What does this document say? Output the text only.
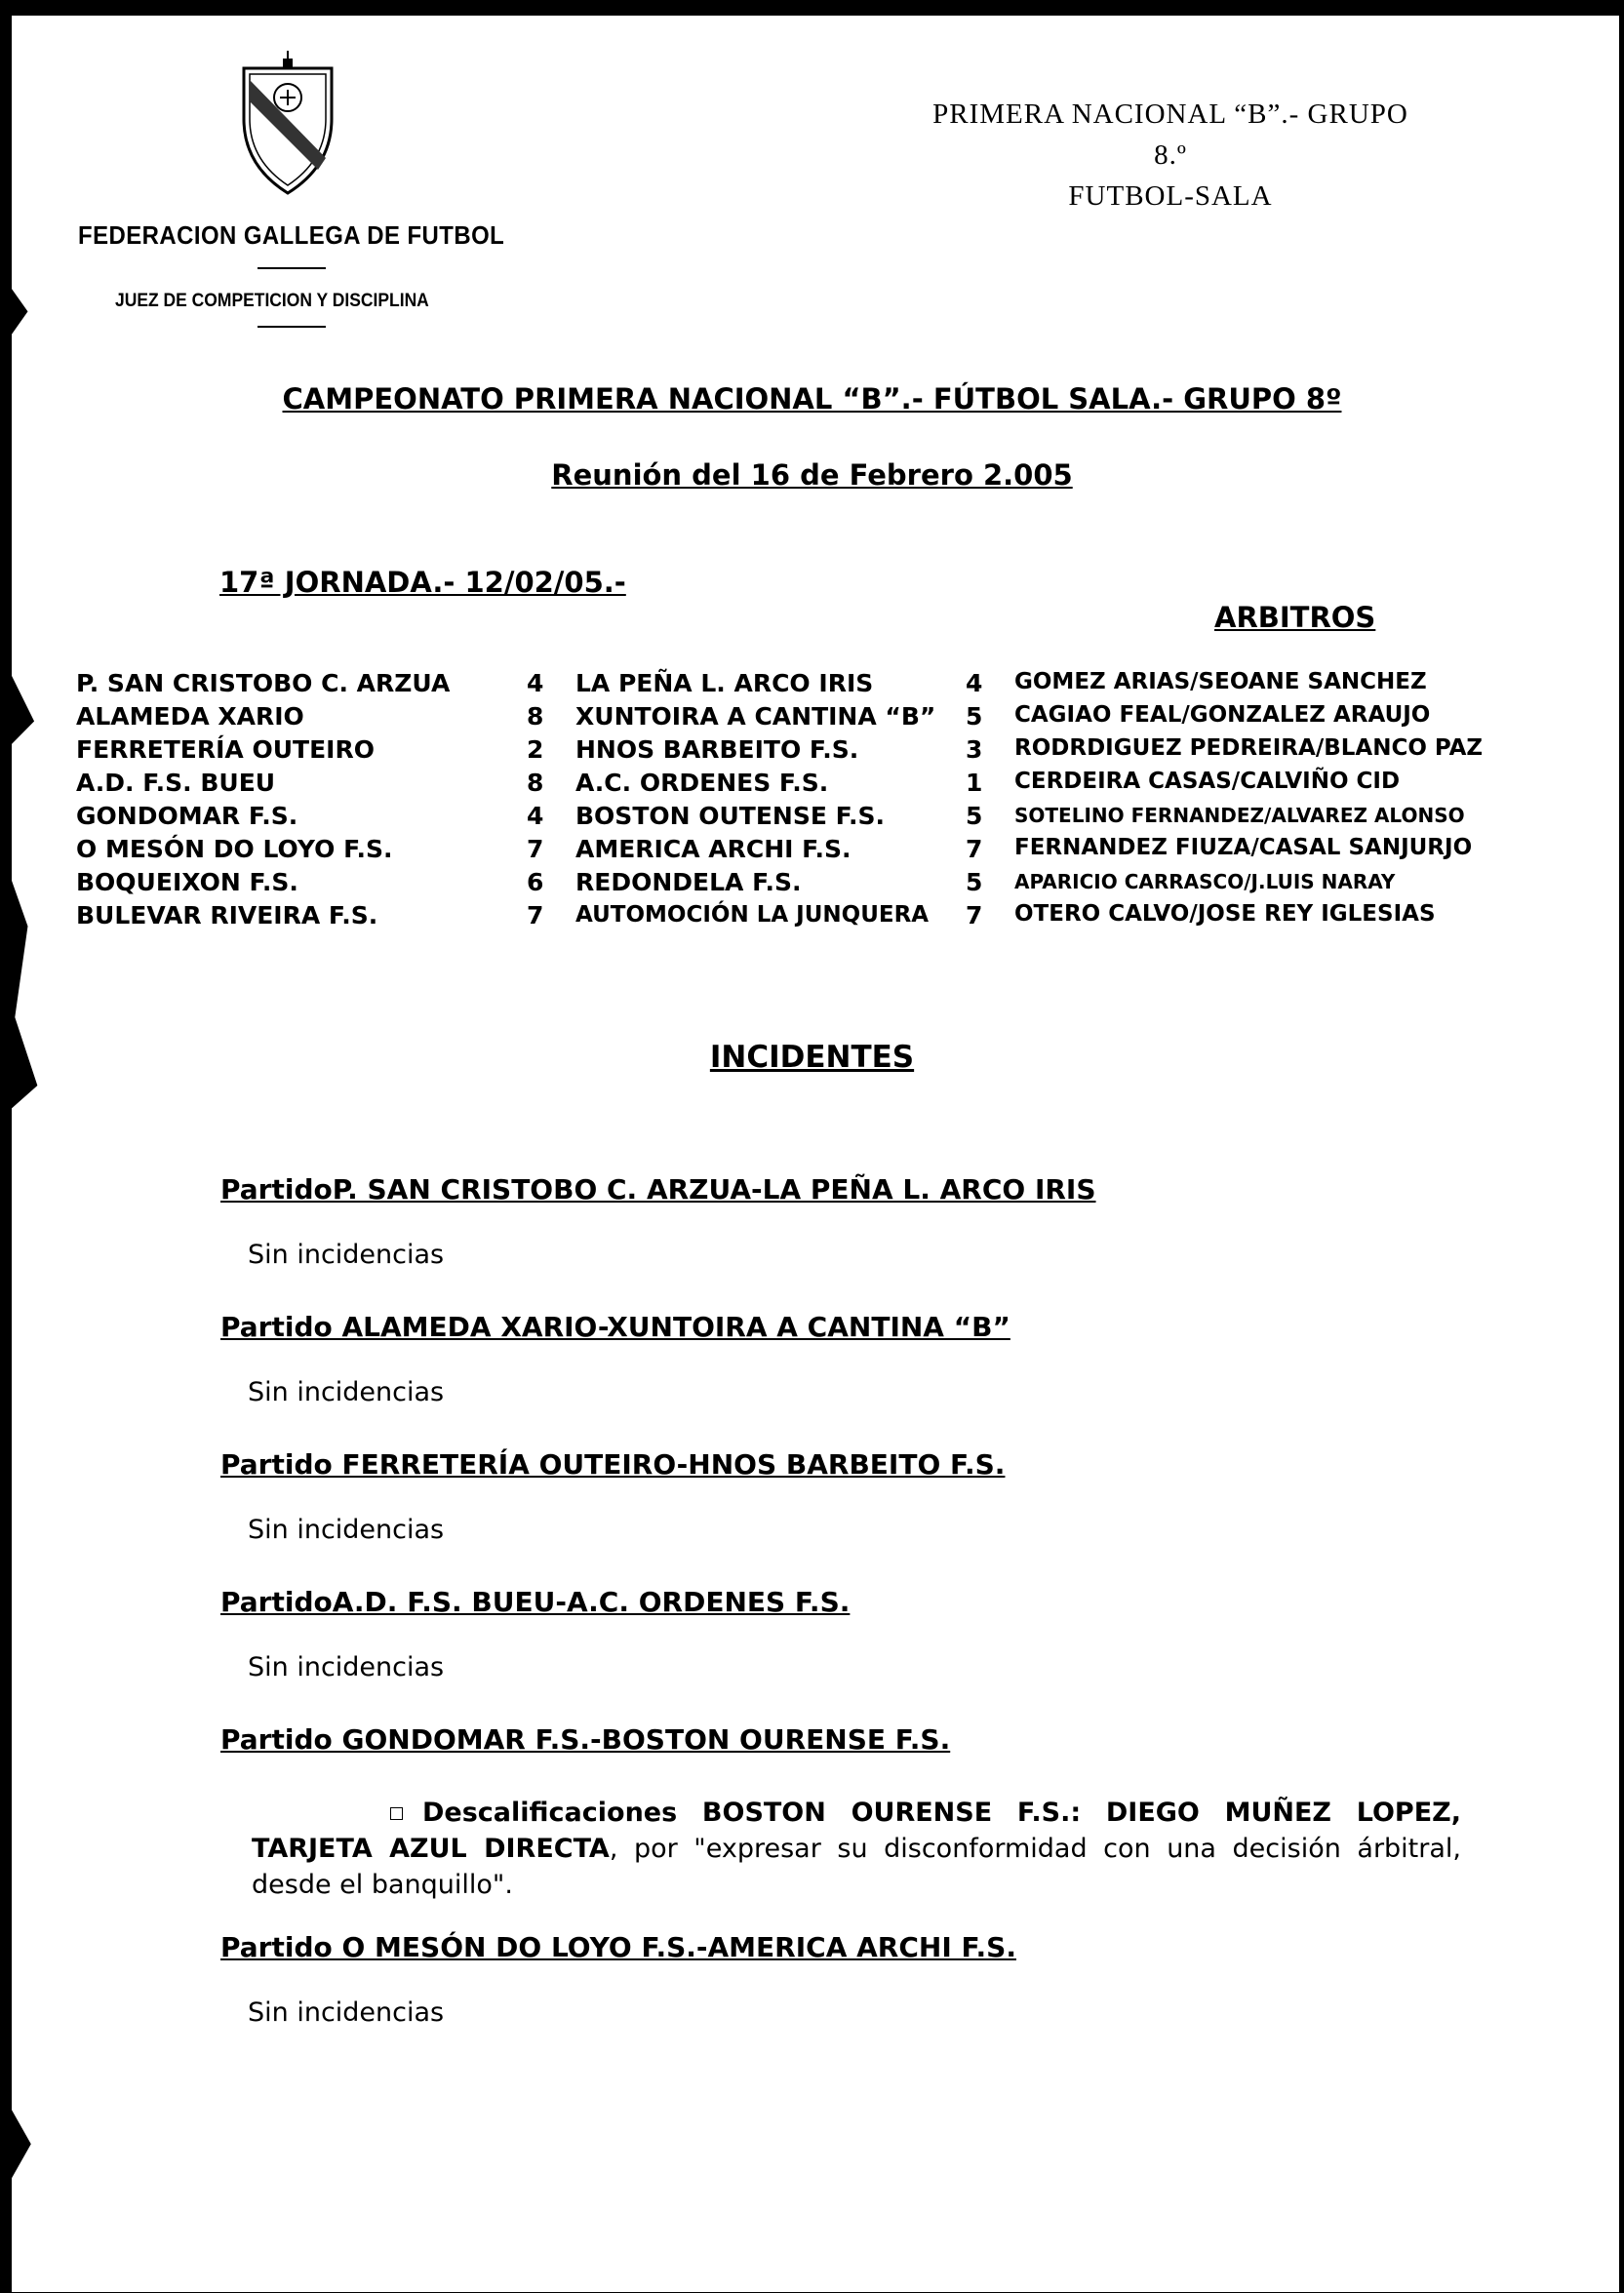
FEDERACION GALLEGA DE FUTBOL
JUEZ DE COMPETICION Y DISCIPLINA
PRIMERA NACIONAL “B”.- GRUPO 8.º
FUTBOL-SALA
CAMPEONATO PRIMERA NACIONAL “B”.- FÚTBOL SALA.- GRUPO 8º
Reunión del 16 de Febrero 2.005
17ª JORNADA.- 12/02/05.-
ARBITROS
P. SAN CRISTOBO C. ARZUA	4 LA PEÑA L. ARCO IRIS	4 GOMEZ ARIAS/SEOANE SANCHEZ
ALAMEDA XARIO	8 XUNTOIRA A CANTINA “B” 5 CAGIAO FEAL/GONZALEZ ARAUJO
FERRETERÍA OUTEIRO	2 HNOS BARBEITO F.S.	3 RODRDIGUEZ PEDREIRA/BLANCO PAZ
A.D. F.S. BUEU	8 A.C. ORDENES F.S.	1 CERDEIRA CASAS/CALVIÑO CID
GONDOMAR F.S.	4 BOSTON OUTENSE F.S.	5 SOTELINO FERNANDEZ/ALVAREZ ALONSO
O MESÓN DO LOYO F.S.	7 AMERICA ARCHI F.S.	7 FERNANDEZ FIUZA/CASAL SANJURJO
BOQUEIXON F.S.	6 REDONDELA F.S.	5 APARICIO CARRASCO/J.LUIS NARAY
BULEVAR RIVEIRA F.S.	7 AUTOMOCIÓN LA JUNQUERA 7 OTERO CALVO/JOSE REY IGLESIAS
INCIDENTES
PartidoP. SAN CRISTOBO C. ARZUA-LA PEÑA L. ARCO IRIS

Sin incidencias

Partido ALAMEDA XARIO-XUNTOIRA A CANTINA “B”

Sin incidencias

Partido FERRETERÍA OUTEIRO-HNOS BARBEITO F.S.

Sin incidencias

PartidoA.D. F.S. BUEU-A.C. ORDENES F.S.

Sin incidencias

Partido GONDOMAR F.S.-BOSTON OURENSE F.S.
Descalificaciones BOSTON OURENSE F.S.: DIEGO MUÑEZ LOPEZ, TARJETA AZUL DIRECTA, por "expresar su disconformidad con una decisión árbitral, desde el banquillo".
Partido O MESÓN DO LOYO F.S.-AMERICA ARCHI F.S.

Sin incidencias
